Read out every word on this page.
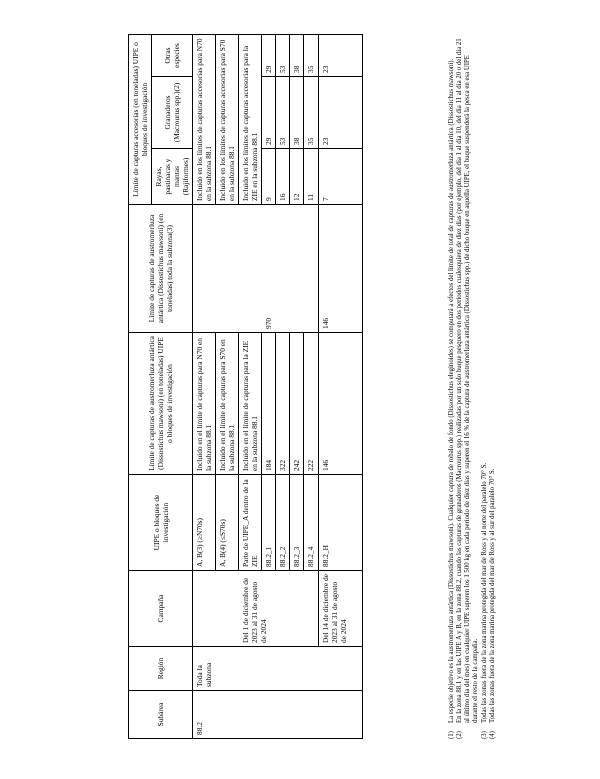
Subárea	Región	Campaña	UIPE o bloques de investigación	Límite de capturas de austromerluza antártica (Dissostichus mawsoni) (en toneladas) UIPE o bloques de investigación	Límite de capturas de austromerluza antártica (Dissostichus mawsoni) (en toneladas) toda la subzona(3)	Límite de capturas accesorias (en toneladas) UIPE o bloques de investigación		
						Rayas, pastinacas y mantas (Rajiformes)	Granaderos (Macrourus spp.)(2)	Otras especies
88.2	Toda la subzona		A, B(3) (≥N70s)	Incluido en el límite de capturas para N70 en la subzona 88.1		Incluido en los límites de capturas accesorias para N70 en la subzona 88.1		
			A, B(4) (≤S70s)	Incluido en el límite de capturas para S70 en la subzona 88.1		Incluido en los límites de capturas accesorias para S70 en la subzona 88.1		
		Del 1 de diciembre de 2023 al 31 de agosto de 2024	Parte de UIPE_A dentro de la ZIE	Incluido en el límite de capturas para la ZIE en la subzona 88.1		Incluido en los límites de capturas accesorias para la ZIE en la subzona 88.1		
			88.2_1	184	970	9	29	29
			88.2_2	322		16	53	53
			88.2_3	242		12	38	38
			88.2_4	222		11	35	35
		Del 14 de diciembre de 2023 al 31 de agosto de 2024	88.2_H	146	146	7	23	23
(1)
La especie objetivo es la austromerluza antártica (Dissostichus mawsoni). Cualquier captura de robalo de fondo (Dissostichus eleginoides) se computará a efectos del límite de total de capturas de austromerluza antártica (Dissostichus mawsoni).
(2)
En la zona 88.1 y en las UIPE A y B, en la zona 88.2, cuando las capturas de granaderos (Macrourus spp.) realizadas por un solo buque pesquero en dos períodos cualesquiera de diez días (por ejemplo, del día 1 al día 10, del día 11 al día 20 o del día 21 al último día del mes) en cualquier UIPE superen los 1 500 kg en cada período de diez días y superen el 16 % de la captura de austromerluza antártica (Dissostichus spp.) de dicho buque en aquella UIPE, el buque suspenderá la pesca en esa UIPE durante el resto de la campaña.
(3)
Todas las zonas fuera de la zona marina protegida del mar de Ross y al norte del paralelo 70° S.
(4)
Todas las zonas fuera de la zona marina protegida del mar de Ross y al sur del paralelo 70° S.
